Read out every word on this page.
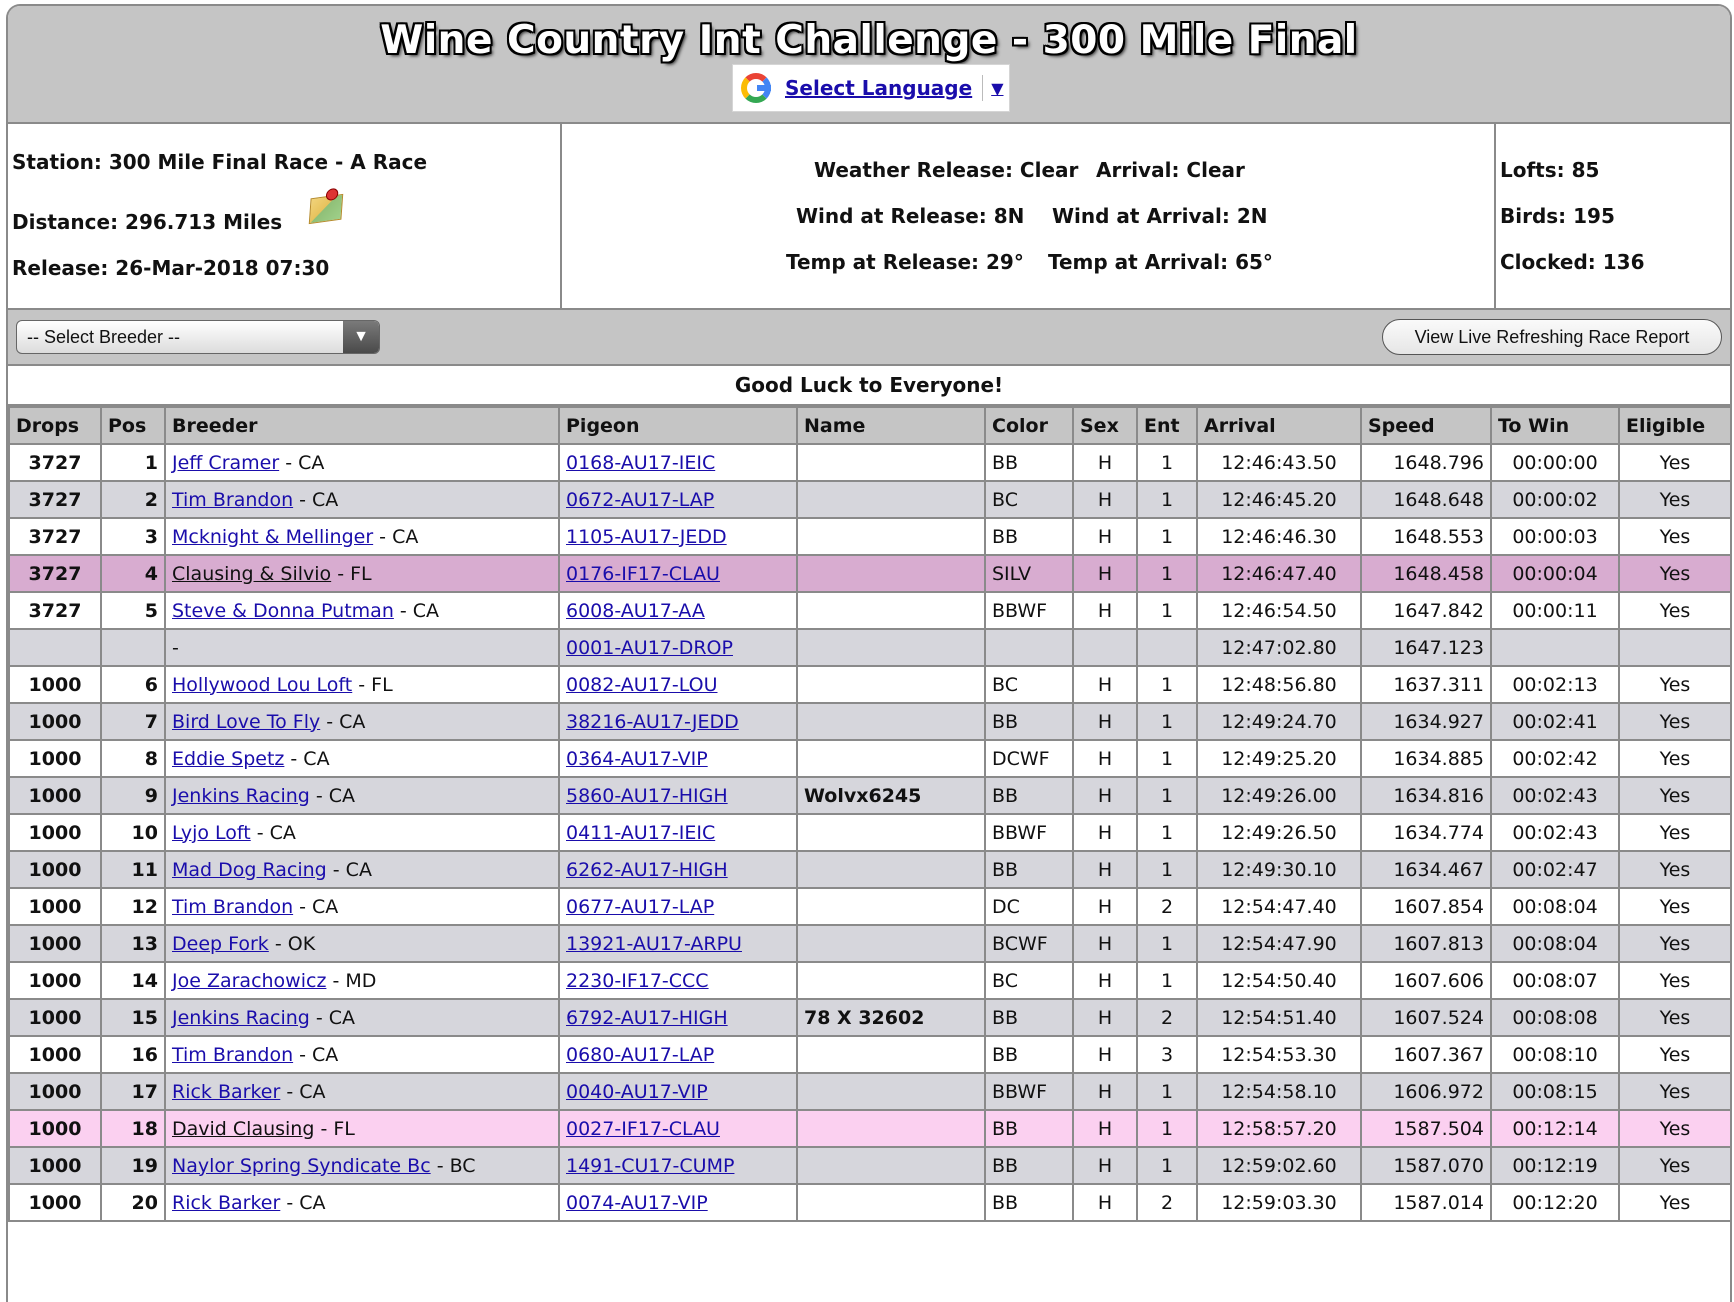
Wine Country Int Challenge - 300 Mile Final
Select Language ▼
Station: 300 Mile Final Race - A Race
Distance: 296.713 Miles
Release: 26-Mar-2018 07:30
Weather Release: Clear Arrival: Clear
Wind at Release: 8N Wind at Arrival: 2N
Temp at Release: 29° Temp at Arrival: 65°
Lofts: 85
Birds: 195
Clocked: 136
-- Select Breeder --	▼	View Live Refreshing Race Report
Good Luck to Everyone!
Drops	Pos	Breeder	Pigeon	Name	Color	Sex	Ent	Arrival	Speed	To Win	Eligible
3727	1	Jeff Cramer - CA	0168-AU17-IEIC		BB	H	1	12:46:43.50	1648.796	00:00:00	Yes
3727	2	Tim Brandon - CA	0672-AU17-LAP		BC	H	1	12:46:45.20	1648.648	00:00:02	Yes
3727	3	Mcknight & Mellinger - CA	1105-AU17-JEDD		BB	H	1	12:46:46.30	1648.553	00:00:03	Yes
3727	4	Clausing & Silvio - FL	0176-IF17-CLAU		SILV	H	1	12:46:47.40	1648.458	00:00:04	Yes
3727	5	Steve & Donna Putman - CA	6008-AU17-AA		BBWF	H	1	12:46:54.50	1647.842	00:00:11	Yes
		-	0001-AU17-DROP					12:47:02.80	1647.123		
1000	6	Hollywood Lou Loft - FL	0082-AU17-LOU		BC	H	1	12:48:56.80	1637.311	00:02:13	Yes
1000	7	Bird Love To Fly - CA	38216-AU17-JEDD		BB	H	1	12:49:24.70	1634.927	00:02:41	Yes
1000	8	Eddie Spetz - CA	0364-AU17-VIP		DCWF	H	1	12:49:25.20	1634.885	00:02:42	Yes
1000	9	Jenkins Racing - CA	5860-AU17-HIGH	Wolvx6245	BB	H	1	12:49:26.00	1634.816	00:02:43	Yes
1000	10	Lyjo Loft - CA	0411-AU17-IEIC		BBWF	H	1	12:49:26.50	1634.774	00:02:43	Yes
1000	11	Mad Dog Racing - CA	6262-AU17-HIGH		BB	H	1	12:49:30.10	1634.467	00:02:47	Yes
1000	12	Tim Brandon - CA	0677-AU17-LAP		DC	H	2	12:54:47.40	1607.854	00:08:04	Yes
1000	13	Deep Fork - OK	13921-AU17-ARPU		BCWF	H	1	12:54:47.90	1607.813	00:08:04	Yes
1000	14	Joe Zarachowicz - MD	2230-IF17-CCC		BC	H	1	12:54:50.40	1607.606	00:08:07	Yes
1000	15	Jenkins Racing - CA	6792-AU17-HIGH	78 X 32602	BB	H	2	12:54:51.40	1607.524	00:08:08	Yes
1000	16	Tim Brandon - CA	0680-AU17-LAP		BB	H	3	12:54:53.30	1607.367	00:08:10	Yes
1000	17	Rick Barker - CA	0040-AU17-VIP		BBWF	H	1	12:54:58.10	1606.972	00:08:15	Yes
1000	18	David Clausing - FL	0027-IF17-CLAU		BB	H	1	12:58:57.20	1587.504	00:12:14	Yes
1000	19	Naylor Spring Syndicate Bc - BC	1491-CU17-CUMP		BB	H	1	12:59:02.60	1587.070	00:12:19	Yes
1000	20	Rick Barker - CA	0074-AU17-VIP		BB	H	2	12:59:03.30	1587.014	00:12:20	Yes
